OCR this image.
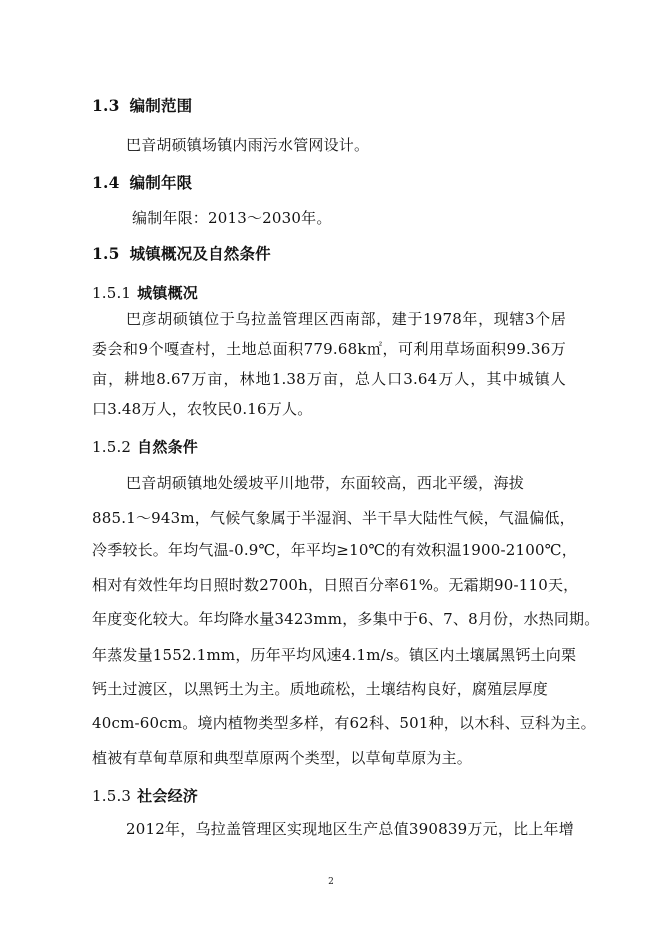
1.3 编制范围
巴音胡硕镇场镇内雨污水管网设计。
1.4 编制年限
编制年限：2013～2030年。
1.5 城镇概况及自然条件
1.5.1 城镇概况
巴彦胡硕镇位于乌拉盖管理区西南部，建于1978年，现辖3个居
委会和9个嘎查村，土地总面积779.68k㎡，可利用草场面积99.36万
亩，耕地8.67万亩，林地1.38万亩，总人口3.64万人，其中城镇人
口3.48万人，农牧民0.16万人。
1.5.2 自然条件
巴音胡硕镇地处缓坡平川地带，东面较高，西北平缓，海拔
885.1～943m，气候气象属于半湿润、半干旱大陆性气候，气温偏低，
冷季较长。年均气温-0.9℃，年平均≥10℃的有效积温1900-2100℃，
相对有效性年均日照时数2700h，日照百分率61%。无霜期90-110天，
年度变化较大。年均降水量3423mm，多集中于6、7、8月份，水热同期。
年蒸发量1552.1mm，历年平均风速4.1m/s。镇区内土壤属黑钙土向栗
钙土过渡区，以黑钙土为主。质地疏松，土壤结构良好，腐殖层厚度
40cm-60cm。境内植物类型多样，有62科、501种，以木科、豆科为主。
植被有草甸草原和典型草原两个类型，以草甸草原为主。
1.5.3 社会经济
2012年，乌拉盖管理区实现地区生产总值390839万元，比上年增
2
